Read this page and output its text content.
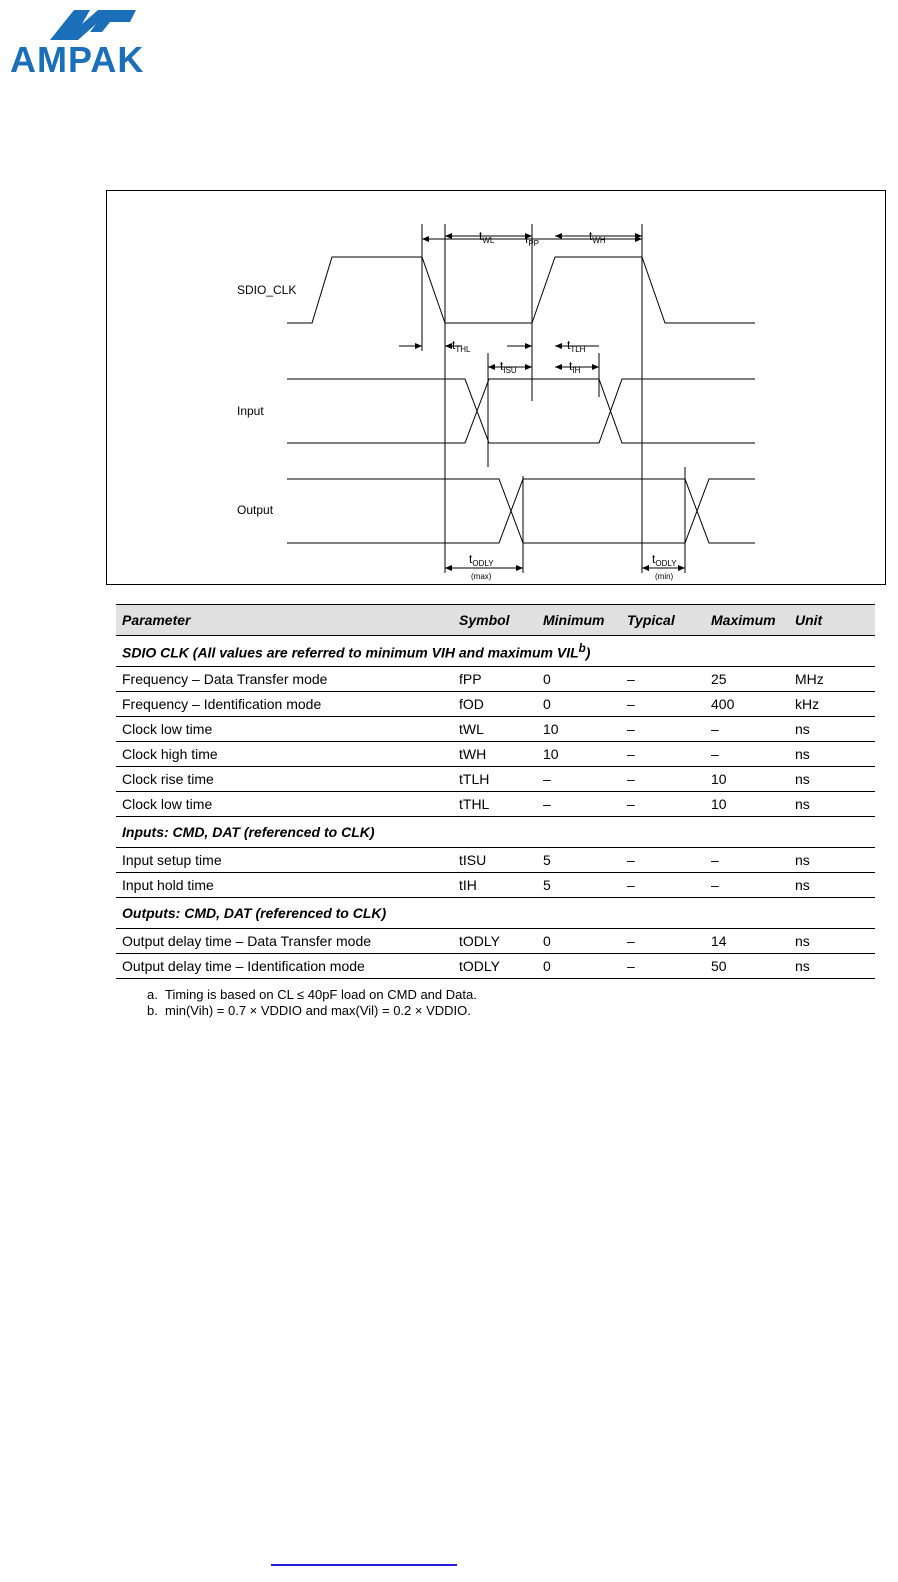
AMPAK
SDIO_CLK
Input
Output
$f_{PP}$
$t_{WL}$	$t_{WH}$
$t_{THL}$	$t_{TLH}$
$t_{ISU}$	$t_{IH}$
$t_{ODLY}$
(max)
$t_{ODLY}$
(min)
Parameter	Symbol	Minimum	Typical	Maximum	Unit
SDIO CLK (All values are referred to minimum VIH and maximum VIL$^b$)					
Frequency – Data Transfer mode	fPP	0	–	25	MHz
Frequency – Identification mode	fOD	0	–	400	kHz
Clock low time	tWL	10	–	–	ns
Clock high time	tWH	10	–	–	ns
Clock rise time	tTLH	–	–	10	ns
Clock low time	tTHL	–	–	10	ns
Inputs: CMD, DAT (referenced to CLK)					
Input setup time	tISU	5	–	–	ns
Input hold time	tIH	5	–	–	ns
Outputs: CMD, DAT (referenced to CLK)					
Output delay time – Data Transfer mode	tODLY	0	–	14	ns
Output delay time – Identification mode	tODLY	0	–	50	ns
a. Timing is based on CL ≤ 40pF load on CMD and Data.
b. min(Vih) = 0.7 × VDDIO and max(Vil) = 0.2 × VDDIO.
